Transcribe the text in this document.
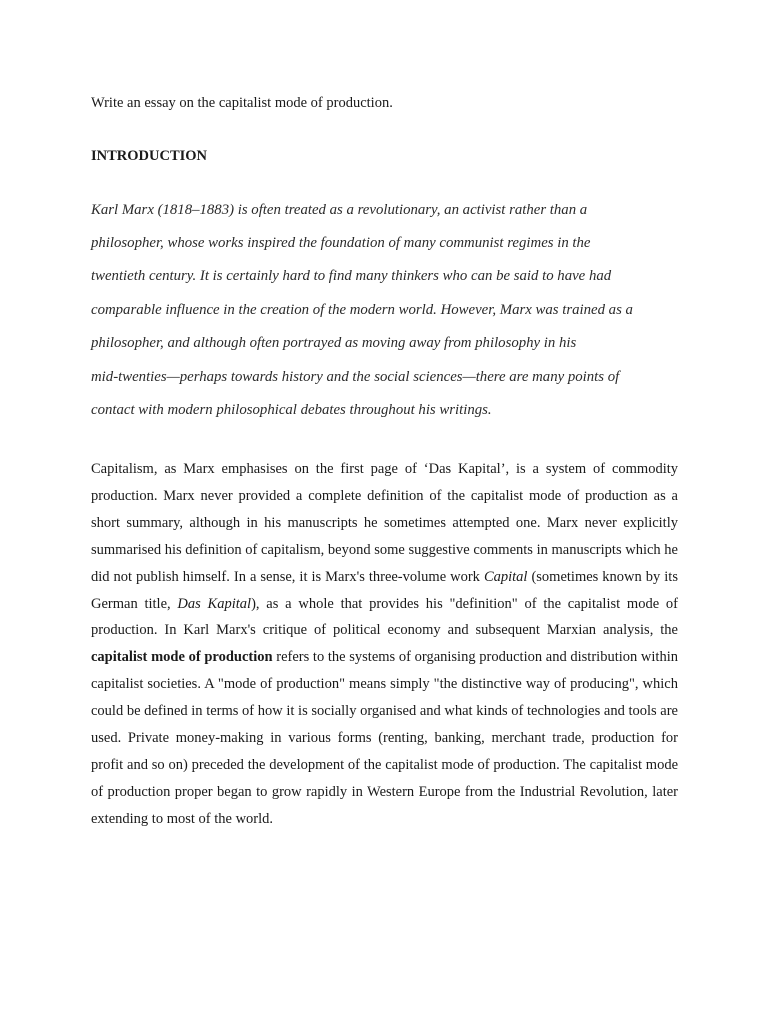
Write an essay on the capitalist mode of production.
INTRODUCTION
Karl Marx (1818–1883) is often treated as a revolutionary, an activist rather than a
philosopher, whose works inspired the foundation of many communist regimes in the
twentieth century. It is certainly hard to find many thinkers who can be said to have had
comparable influence in the creation of the modern world. However, Marx was trained as a
philosopher, and although often portrayed as moving away from philosophy in his
mid-twenties—perhaps towards history and the social sciences—there are many points of
contact with modern philosophical debates throughout his writings.
Capitalism, as Marx emphasises on the first page of ‘Das Kapital’, is a system of commodity production. Marx never provided a complete definition of the capitalist mode of production as a short summary, although in his manuscripts he sometimes attempted one. Marx never explicitly summarised his definition of capitalism, beyond some suggestive comments in manuscripts which he did not publish himself. In a sense, it is Marx's three-volume work Capital (sometimes known by its German title, Das Kapital), as a whole that provides his "definition" of the capitalist mode of production. In Karl Marx's critique of political economy and subsequent Marxian analysis, the capitalist mode of production refers to the systems of organising production and distribution within capitalist societies. A "mode of production" means simply "the distinctive way of producing", which could be defined in terms of how it is socially organised and what kinds of technologies and tools are used. Private money-making in various forms (renting, banking, merchant trade, production for profit and so on) preceded the development of the capitalist mode of production. The capitalist mode of production proper began to grow rapidly in Western Europe from the Industrial Revolution, later extending to most of the world.
